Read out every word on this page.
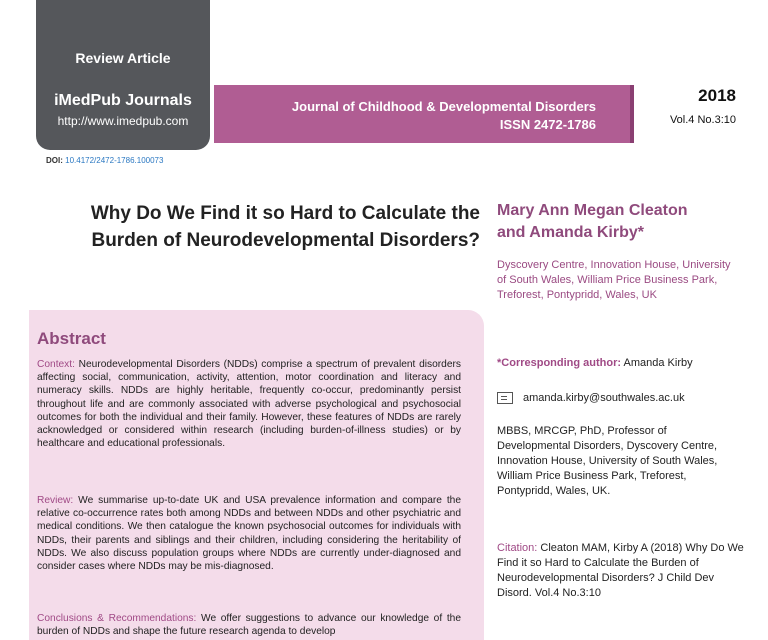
Review Article
iMedPub Journals
http://www.imedpub.com
Journal of Childhood & Developmental Disorders
ISSN 2472-1786
2018
Vol.4 No.3:10
DOI: 10.4172/2472-1786.100073
Why Do We Find it so Hard to Calculate the
Burden of Neurodevelopmental Disorders?
Mary Ann Megan Cleaton
and Amanda Kirby*
Dyscovery Centre, Innovation House, University of South Wales, William Price Business Park, Treforest, Pontypridd, Wales, UK
*Corresponding author: Amanda Kirby
amanda.kirby@southwales.ac.uk
MBBS, MRCGP, PhD, Professor of Developmental Disorders, Dyscovery Centre, Innovation House, University of South Wales, William Price Business Park, Treforest, Pontypridd, Wales, UK.
Citation: Cleaton MAM, Kirby A (2018) Why Do We Find it so Hard to Calculate the Burden of Neurodevelopmental Disorders? J Child Dev Disord. Vol.4 No.3:10
Abstract
Context: Neurodevelopmental Disorders (NDDs) comprise a spectrum of prevalent disorders affecting social, communication, activity, attention, motor coordination and literacy and numeracy skills. NDDs are highly heritable, frequently co-occur, predominantly persist throughout life and are commonly associated with adverse psychological and psychosocial outcomes for both the individual and their family. However, these features of NDDs are rarely acknowledged or considered within research (including burden-of-illness studies) or by healthcare and educational professionals.
Review: We summarise up-to-date UK and USA prevalence information and compare the relative co-occurrence rates both among NDDs and between NDDs and other psychiatric and medical conditions. We then catalogue the known psychosocial outcomes for individuals with NDDs, their parents and siblings and their children, including considering the heritability of NDDs. We also discuss population groups where NDDs are currently under-diagnosed and consider cases where NDDs may be mis-diagnosed.
Conclusions & Recommendations: We offer suggestions to advance our knowledge of the burden of NDDs and shape the future research agenda to develop
